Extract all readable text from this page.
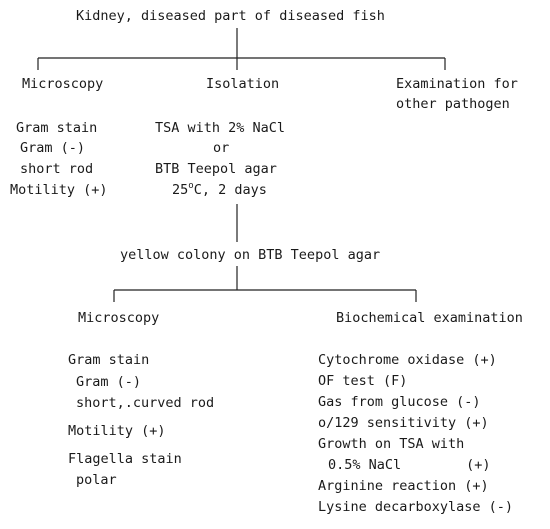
Kidney, diseased part of diseased fish
Microscopy
Gram stain
Gram (-)
short rod
Motility (+)
Isolation
TSA with 2% NaCl
or
BTB Teepol agar
25$^o$C, 2 days
Examination for
other pathogen
yellow colony on BTB Teepol agar
Microscopy
Gram stain
Gram (-)
short,.curved rod
Motility (+)
Flagella stain
polar
Biochemical examination
Cytochrome oxidase (+)
OF test (F)
Gas from glucose (-)
o/129 sensitivity (+)
Growth on TSA with
0.5% NaCl        (+)
Arginine reaction (+)
Lysine decarboxylase (-)
